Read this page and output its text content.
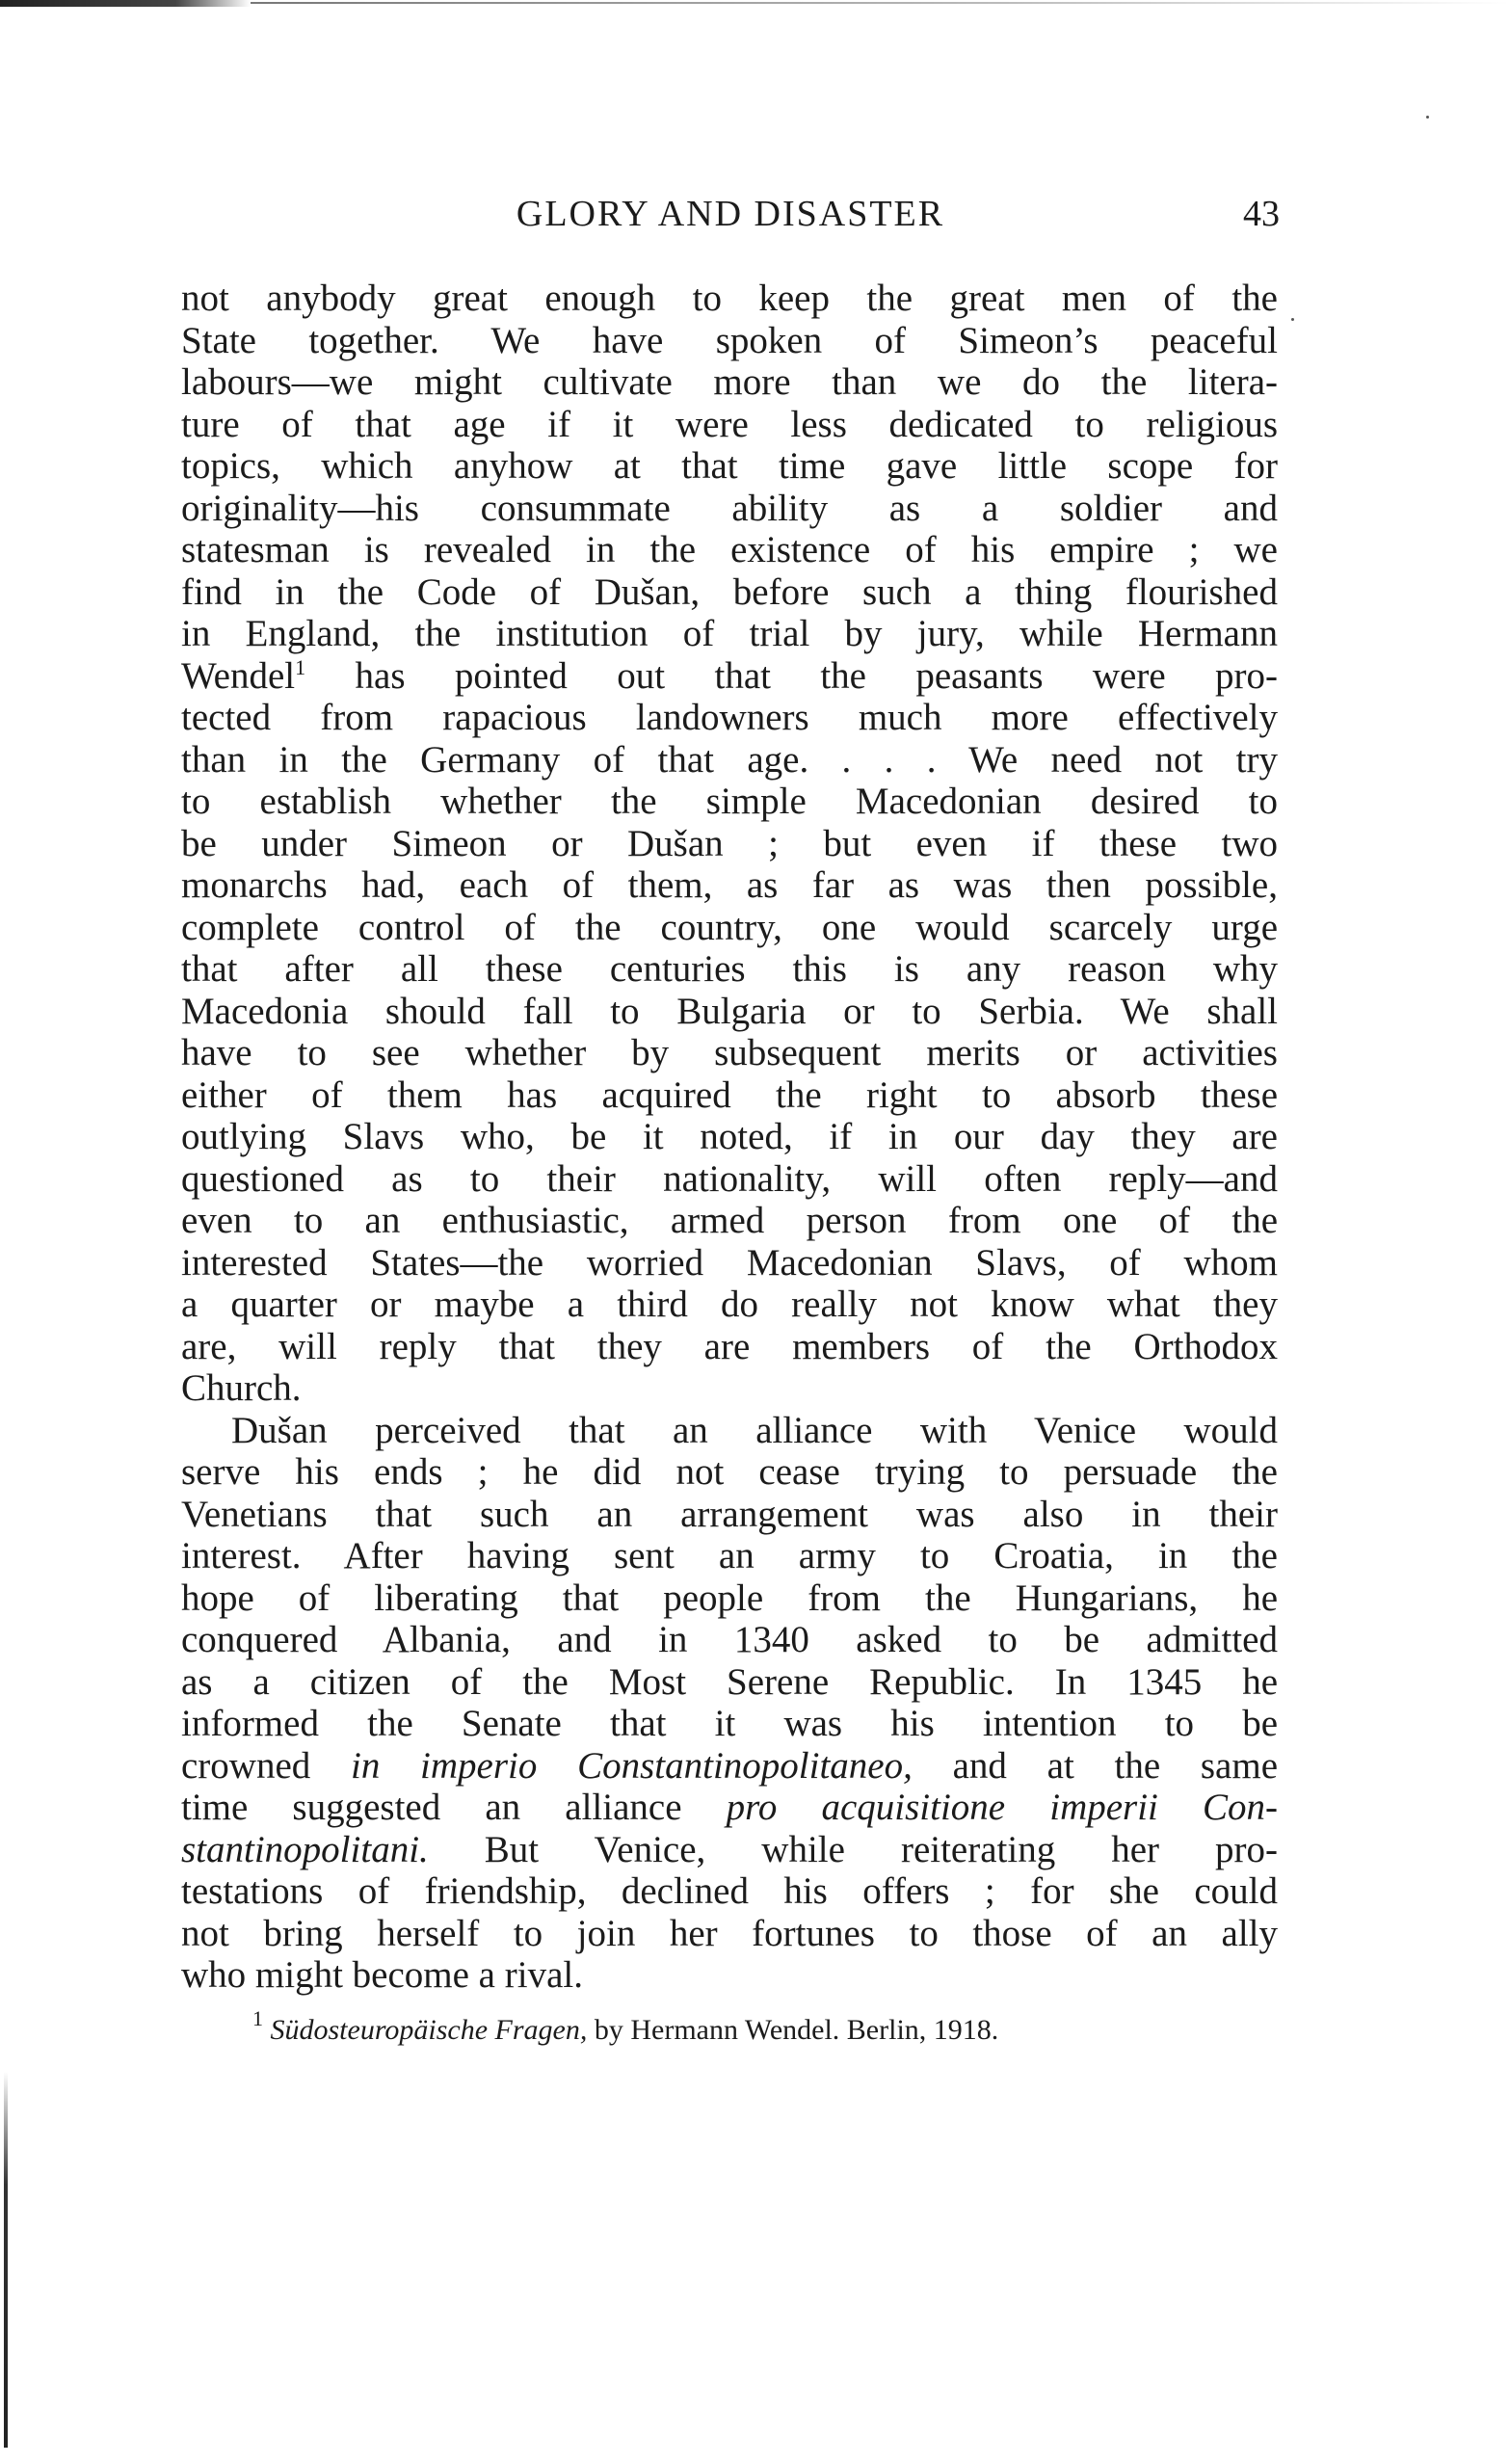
GLORY AND DISASTER	43
not anybody great enough to keep the great men of the
State together. We have spoken of Simeon’s peaceful
labours—we might cultivate more than we do the litera-
ture of that age if it were less dedicated to religious
topics, which anyhow at that time gave little scope for
originality—his consummate ability as a soldier and
statesman is revealed in the existence of his empire ; we
find in the Code of Dušan, before such a thing flourished
in England, the institution of trial by jury, while Hermann
Wendel$^1$ has pointed out that the peasants were pro-
tected from rapacious landowners much more effectively
than in the Germany of that age. . . . We need not try
to establish whether the simple Macedonian desired to
be under Simeon or Dušan ; but even if these two
monarchs had, each of them, as far as was then possible,
complete control of the country, one would scarcely urge
that after all these centuries this is any reason why
Macedonia should fall to Bulgaria or to Serbia. We shall
have to see whether by subsequent merits or activities
either of them has acquired the right to absorb these
outlying Slavs who, be it noted, if in our day they are
questioned as to their nationality, will often reply—and
even to an enthusiastic, armed person from one of the
interested States—the worried Macedonian Slavs, of whom
a quarter or maybe a third do really not know what they
are, will reply that they are members of the Orthodox
Church.
Dušan perceived that an alliance with Venice would
serve his ends ; he did not cease trying to persuade the
Venetians that such an arrangement was also in their
interest. After having sent an army to Croatia, in the
hope of liberating that people from the Hungarians, he
conquered Albania, and in 1340 asked to be admitted
as a citizen of the Most Serene Republic. In 1345 he
informed the Senate that it was his intention to be
crowned in imperio Constantinopolitaneo, and at the same
time suggested an alliance pro acquisitione imperii Con-
stantinopolitani. But Venice, while reiterating her pro-
testations of friendship, declined his offers ; for she could
not bring herself to join her fortunes to those of an ally
who might become a rival.
$^1$ Südosteuropäische Fragen, by Hermann Wendel. Berlin, 1918.
